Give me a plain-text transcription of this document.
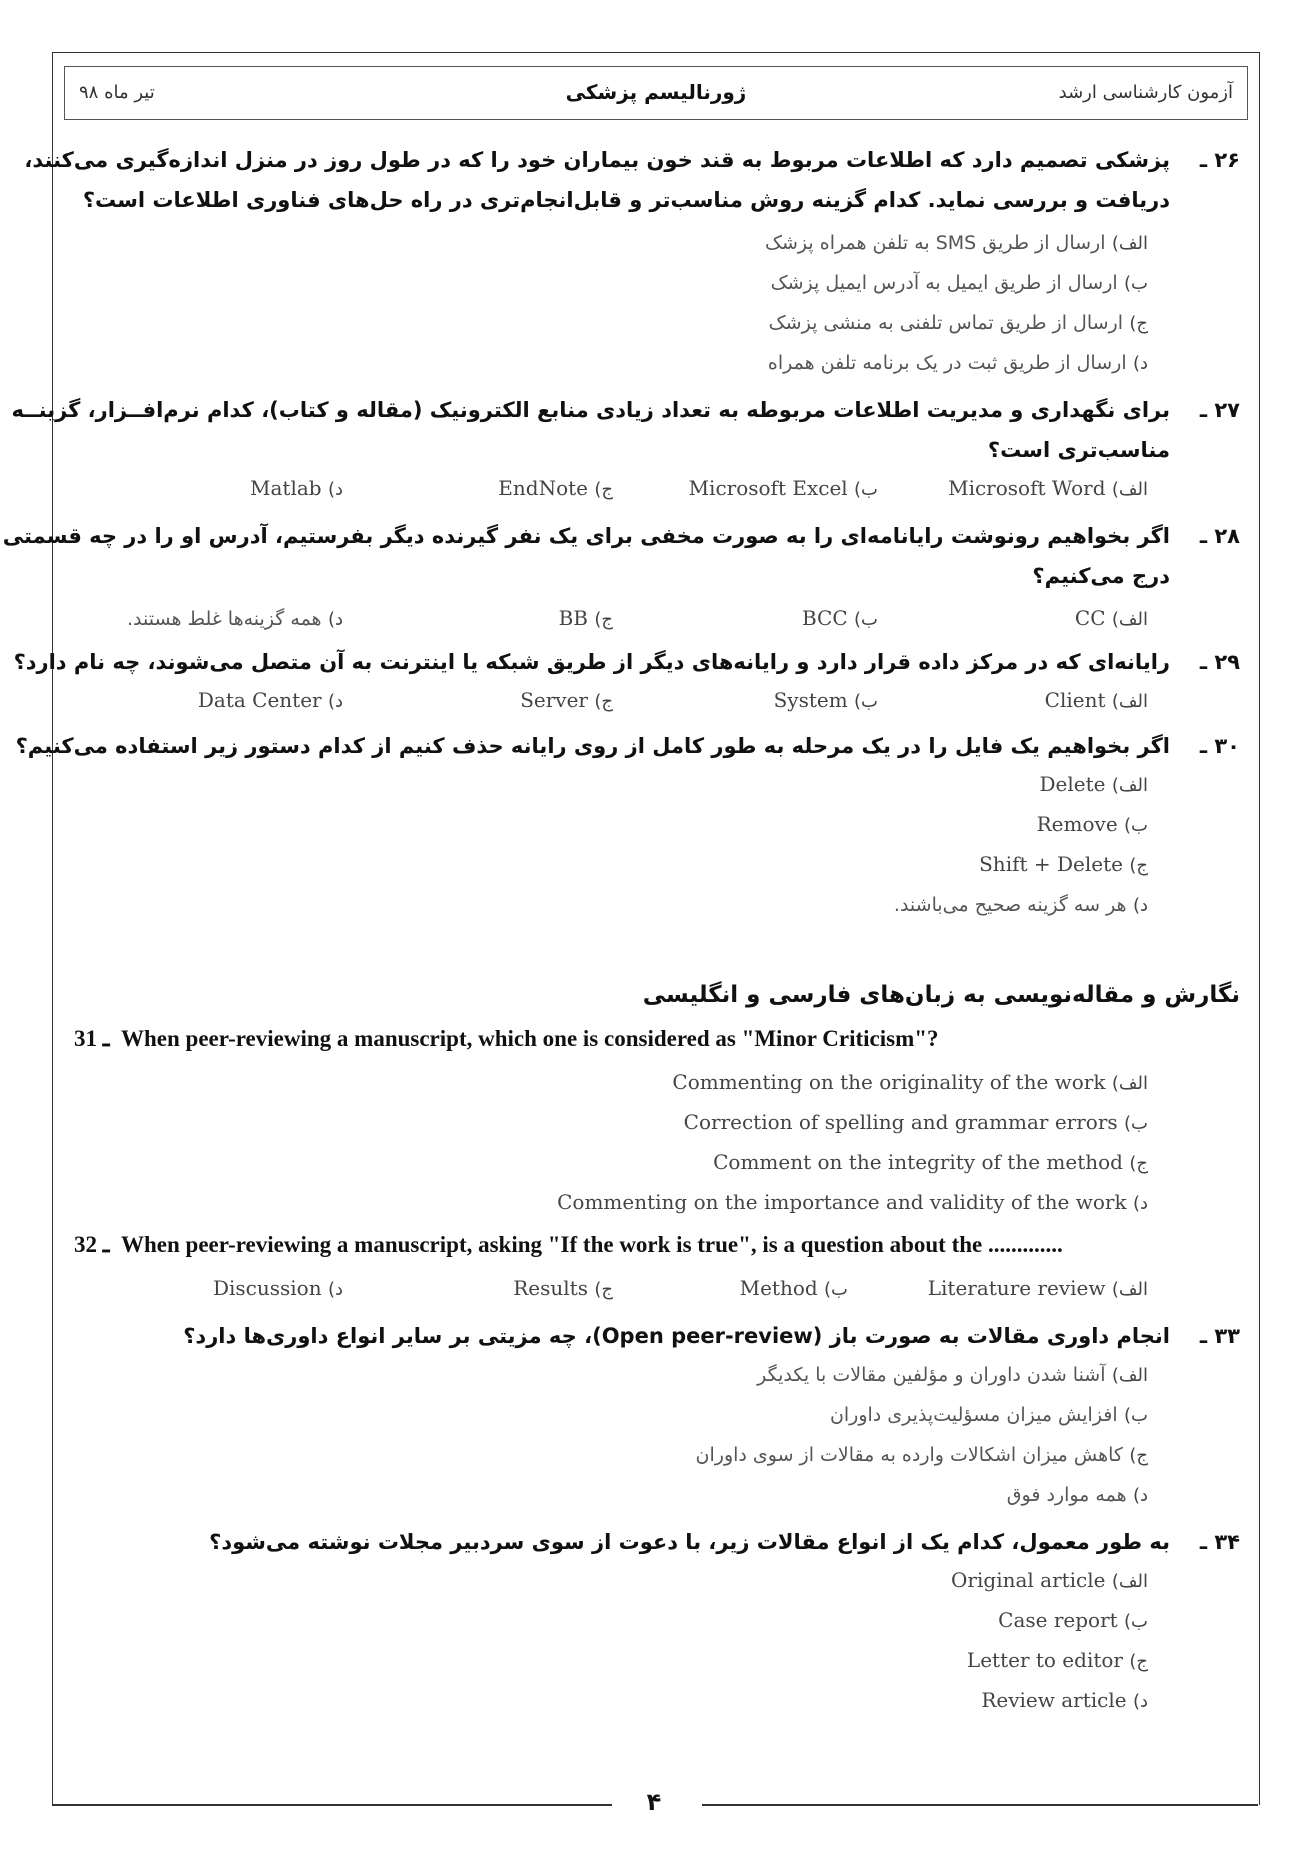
آزمون کارشناسی ارشد
ژورنالیسم پزشکی
تیر ماه ۹۸
۲۶ ـ
پزشکی تصمیم دارد که اطلاعات مربوط به قند خون بیماران خود را که در طول روز در منزل اندازه‌گیری می‌کنند،
دریافت و بررسی نماید. کدام گزینه روش مناسب‌تر و قابل‌انجام‌تری در راه حل‌های فناوری اطلاعات است؟
الف) ارسال از طریق SMS به تلفن همراه پزشک
ب) ارسال از طریق ایمیل به آدرس ایمیل پزشک
ج) ارسال از طریق تماس تلفنی به منشی پزشک
د) ارسال از طریق ثبت در یک برنامه تلفن همراه
۲۷ ـ
برای نگهداری و مدیریت اطلاعات مربوطه به تعداد زیادی منابع الکترونیک (مقاله و کتاب)، کدام نرم‌افــزار، گزینــه
مناسب‌تری است؟
الف) Microsoft Word
ب) Microsoft Excel
ج) EndNote
د) Matlab
۲۸ ـ
اگر بخواهیم رونوشت رایانامه‌ای را به صورت مخفی برای یک نفر گیرنده دیگر بفرستیم، آدرس او را در چه قسمتی
درج می‌کنیم؟
الف) CC
ب) BCC
ج) BB
د) همه گزینه‌ها غلط هستند.
۲۹ ـ
رایانه‌ای که در مرکز داده قرار دارد و رایانه‌های دیگر از طریق شبکه یا اینترنت به آن متصل می‌شوند، چه نام دارد؟
الف) Client
ب) System
ج) Server
د) Data Center
۳۰ ـ
اگر بخواهیم یک فایل را در یک مرحله به طور کامل از روی رایانه حذف کنیم از کدام دستور زیر استفاده می‌کنیم؟
الف) Delete
ب) Remove
ج) Shift + Delete
د) هر سه گزینه صحیح می‌باشند.
نگارش و مقاله‌نویسی به زبان‌های فارسی و انگلیسی
31 ـ When peer-reviewing a manuscript, which one is considered as "Minor Criticism"?
الف) Commenting on the originality of the work
ب) Correction of spelling and grammar errors
ج) Comment on the integrity of the method
د) Commenting on the importance and validity of the work
32 ـ When peer-reviewing a manuscript, asking "If the work is true", is a question about the .............
الف) Literature review
ب) Method
ج) Results
د) Discussion
۳۳ ـ
انجام داوری مقالات به صورت باز (Open peer-review)، چه مزیتی بر سایر انواع داوری‌ها دارد؟
الف) آشنا شدن داوران و مؤلفین مقالات با یکدیگر
ب) افزایش میزان مسؤلیت‌پذیری داوران
ج) کاهش میزان اشکالات وارده به مقالات از سوی داوران
د) همه موارد فوق
۳۴ ـ
به طور معمول، کدام یک از انواع مقالات زیر، با دعوت از سوی سردبیر مجلات نوشته می‌شود؟
الف) Original article
ب) Case report
ج) Letter to editor
د) Review article
۴
